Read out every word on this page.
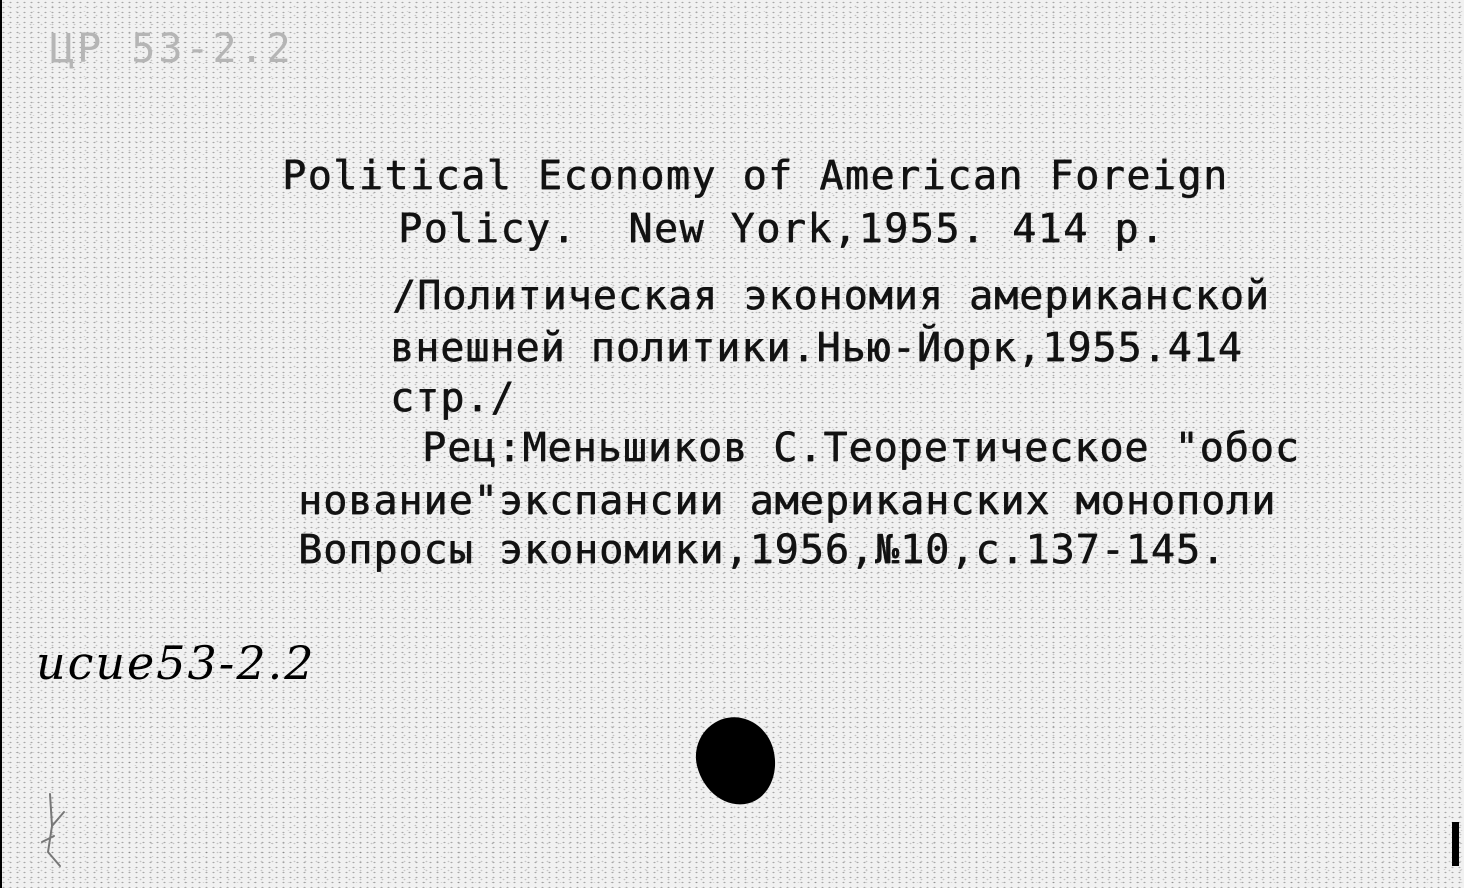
ЦР 53-2.2
Political Economy of American Foreign
Policy.  New York,1955. 414 p.
/Политическая экономия американской
внешней политики.Нью-Йорк,1955.414
стр./
Рец:Меньшиков С.Теоретическое "обос
нование"экспансии американских монополи
Вопросы экономики,1956,№10,с.137-145.
ucue53-2.2
